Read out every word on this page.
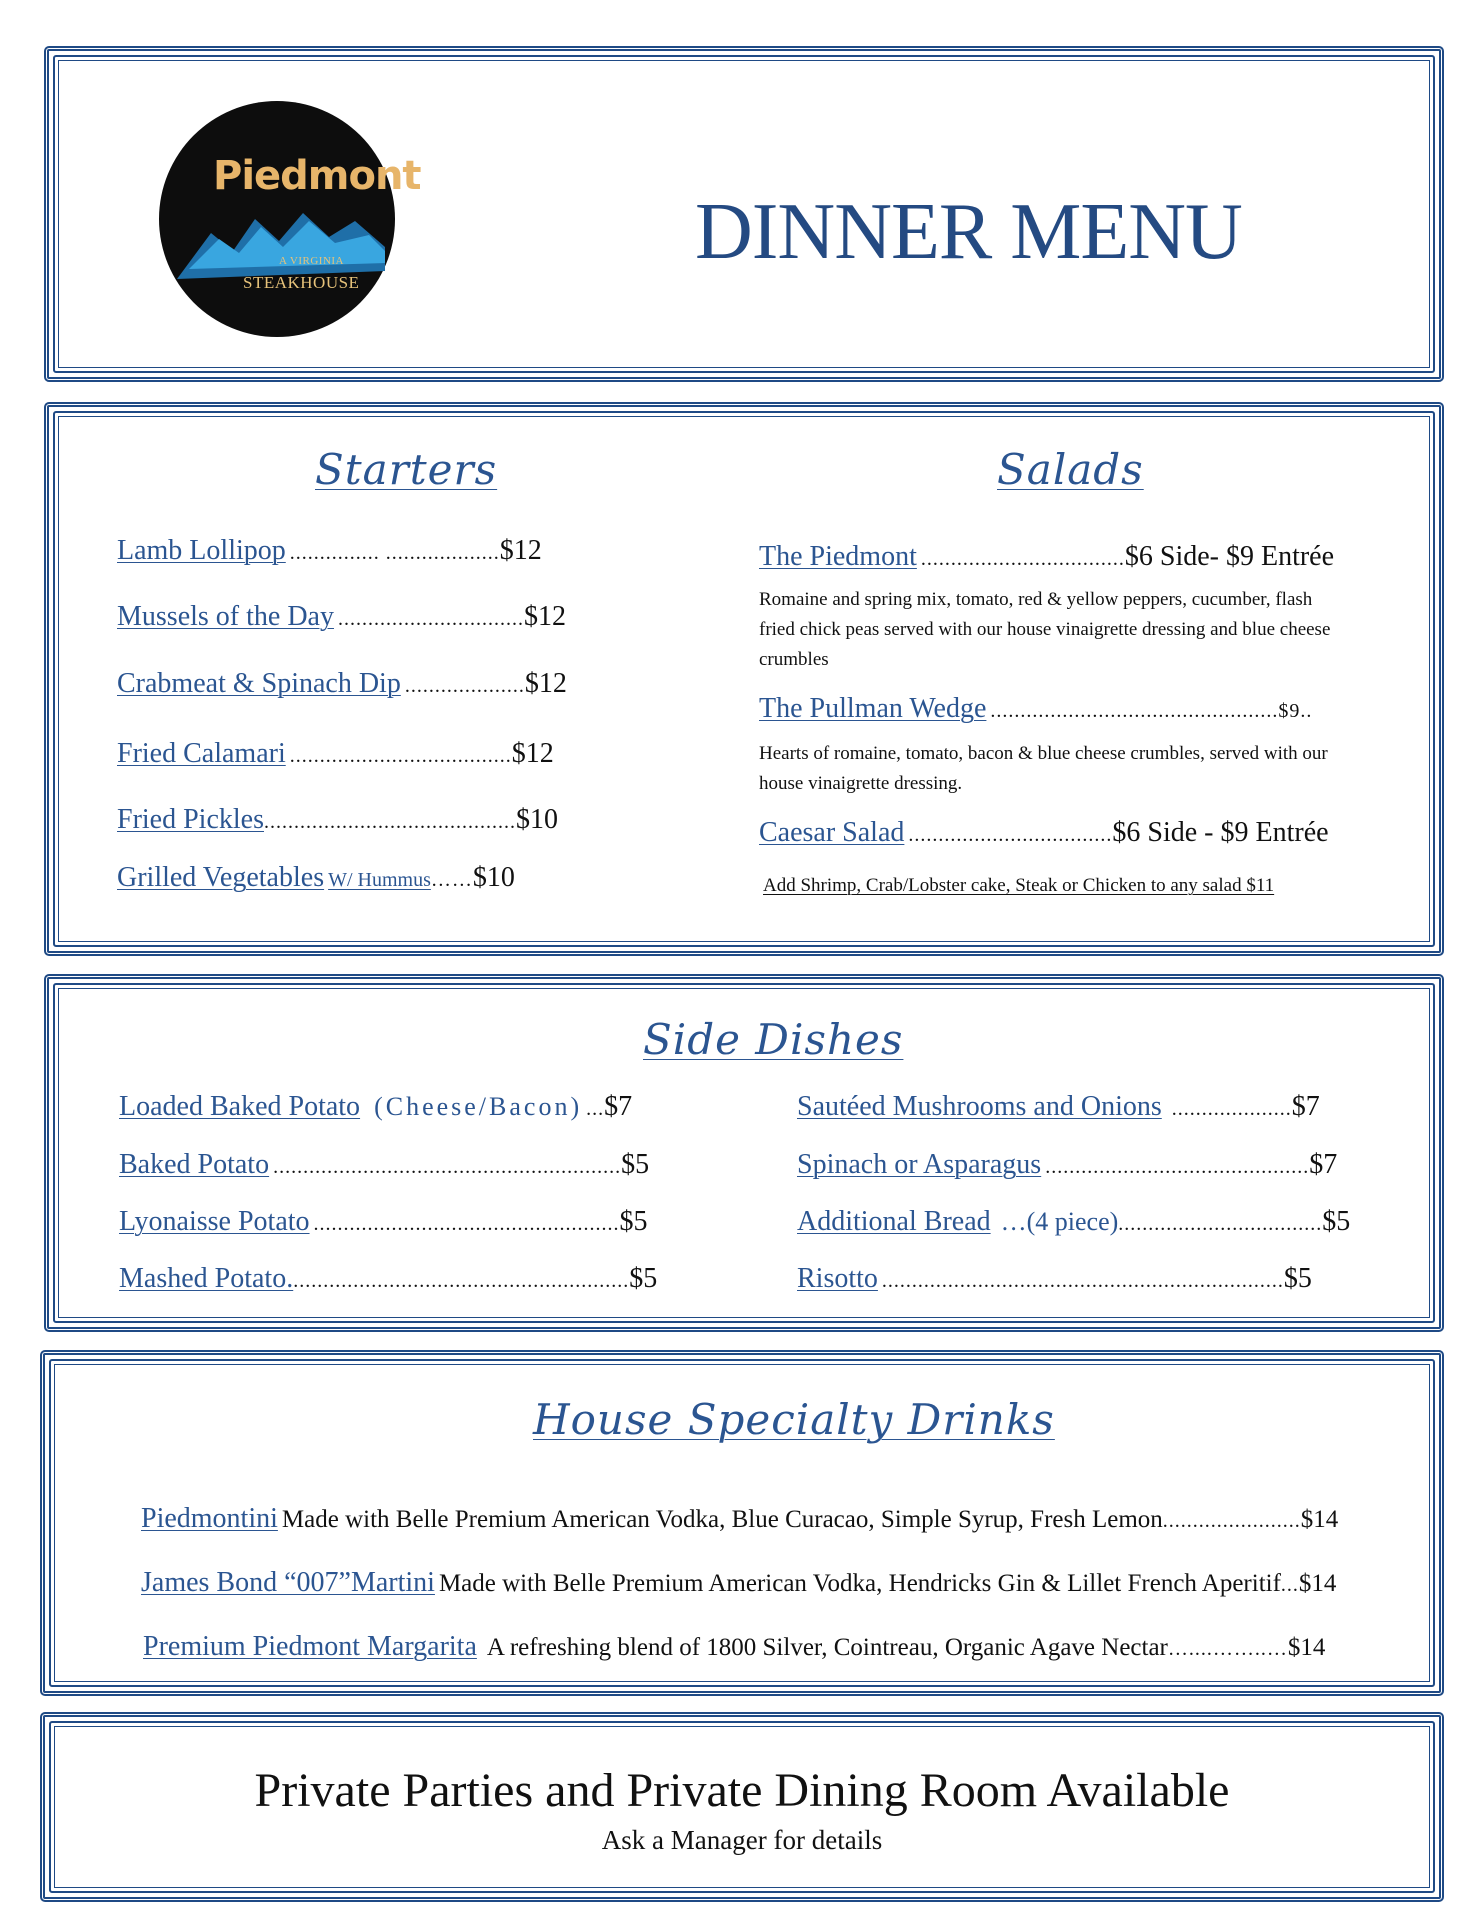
Piedmont
A VIRGINIA
STEAKHOUSE
DINNER MENU
Starters
Lamb Lollipop ............... ...................$12
Mussels of the Day ...............................$12
Crabmeat & Spinach Dip ....................$12
Fried Calamari .....................................$12
Fried Pickles..........................................$10
Grilled Vegetables W/ Hummus……$10
Salads
The Piedmont ..................................$6 Side- $9 Entrée
Romaine and spring mix, tomato, red & yellow peppers, cucumber, flash fried chick peas served with our house vinaigrette dressing and blue cheese crumbles
The Pullman Wedge ................................................$9..
Hearts of romaine, tomato, bacon & blue cheese crumbles, served with our house vinaigrette dressing.
Caesar Salad ..................................$6 Side - $9 Entrée
Add Shrimp, Crab/Lobster cake, Steak or Chicken to any salad $11
Side Dishes
Loaded Baked Potato (Cheese/Bacon) ...$7
Baked Potato ..........................................................$5
Lyonaisse Potato ...................................................$5
Mashed Potato.........................................................$5
Sautéed Mushrooms and Onions ....................$7
Spinach or Asparagus ............................................$7
Additional Bread …(4 piece)..................................$5
Risotto ...................................................................$5
House Specialty Drinks
Piedmontini Made with Belle Premium American Vodka, Blue Curacao, Simple Syrup, Fresh Lemon.......................$14
James Bond “007”Martini Made with Belle Premium American Vodka, Hendricks Gin & Lillet French Aperitif...$14
Premium Piedmont Margarita A refreshing blend of 1800 Silver, Cointreau, Organic Agave Nectar…....……..…$14
Private Parties and Private Dining Room Available
Ask a Manager for details
